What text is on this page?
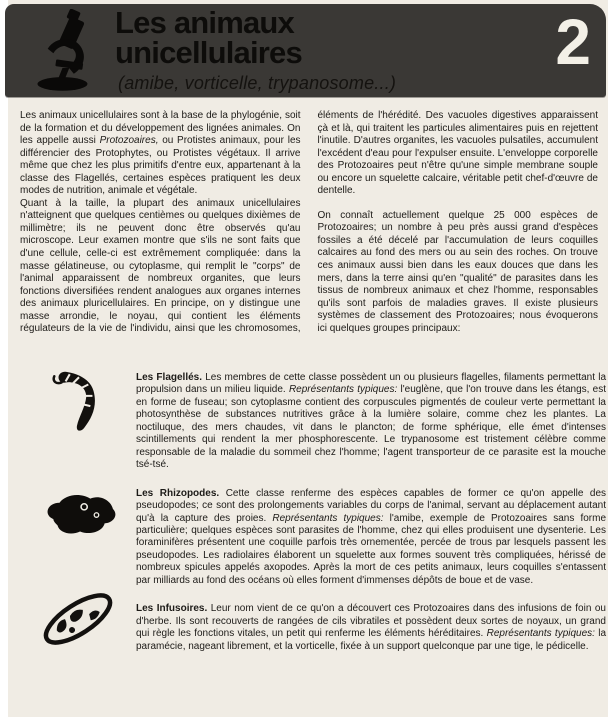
Les animaux
unicellulaires
(amibe, vorticelle, trypanosome...)
2

Les animaux unicellulaires sont à la base de la phylogénie, soit de la formation et du développement des lignées animales. On les appelle aussi Protozoaires, ou Protistes animaux, pour les différencier des Protophytes, ou Protistes végétaux. Il arrive même que chez les plus primitifs d'entre eux, appartenant à la classe des Flagellés, certaines espèces pratiquent les deux modes de nutrition, animale et végétale.

Quant à la taille, la plupart des animaux unicellulaires n'atteignent que quelques centièmes ou quelques dixièmes de millimètre; ils ne peuvent donc être observés qu'au microscope. Leur examen montre que s'ils ne sont faits que d'une cellule, celle-ci est extrêmement compliquée: dans la masse gélatineuse, ou cytoplasme, qui remplit le "corps" de l'animal apparaissent de nombreux organites, que leurs fonctions diversifiées rendent analogues aux organes internes des animaux pluricellulaires. En principe, on y distingue une masse arrondie, le noyau, qui contient les éléments régulateurs de la vie de l'individu, ainsi que les chromosomes, éléments de l'hérédité. Des vacuoles digestives apparaissent çà et là, qui traitent les particules alimentaires puis en rejettent l'inutile. D'autres organites, les vacuoles pulsatiles, accumulent l'excédent d'eau pour l'expulser ensuite. L'enveloppe corporelle des Protozoaires peut n'être qu'une simple membrane souple ou encore un squelette calcaire, véritable petit chef-d'œuvre de dentelle.

On connaît actuellement quelque 25 000 espèces de Protozoaires; un nombre à peu près aussi grand d'espèces fossiles a été décelé par l'accumulation de leurs coquilles calcaires au fond des mers ou au sein des roches. On trouve ces animaux aussi bien dans les eaux douces que dans les mers, dans la terre ainsi qu'en "qualité" de parasites dans les tissus de nombreux animaux et chez l'homme, responsables qu'ils sont parfois de maladies graves. Il existe plusieurs systèmes de classement des Protozoaires; nous évoquerons ici quelques groupes principaux:

Les Flagellés. Les membres de cette classe possèdent un ou plusieurs flagelles, filaments permettant la propulsion dans un milieu liquide. Représentants typiques: l'euglène, que l'on trouve dans les étangs, est en forme de fuseau; son cytoplasme contient des corpuscules pigmentés de couleur verte permettant la photosynthèse de substances nutritives grâce à la lumière solaire, comme chez les plantes. La noctiluque, des mers chaudes, vit dans le plancton; de forme sphérique, elle émet d'intenses scintillements qui rendent la mer phosphorescente. Le trypanosome est tristement célèbre comme responsable de la maladie du sommeil chez l'homme; l'agent transporteur de ce parasite est la mouche tsé-tsé.

Les Rhizopodes. Cette classe renferme des espèces capables de former ce qu'on appelle des pseudopodes; ce sont des prolongements variables du corps de l'animal, servant au déplacement autant qu'à la capture des proies. Représentants typiques: l'amibe, exemple de Protozoaires sans forme particulière; quelques espèces sont parasites de l'homme, chez qui elles produisent une dysenterie. Les foraminifères présentent une coquille parfois très ornementée, percée de trous par lesquels passent les pseudopodes. Les radiolaires élaborent un squelette aux formes souvent très compliquées, hérissé de nombreux spicules appelés axopodes. Après la mort de ces petits animaux, leurs coquilles s'entassent par milliards au fond des océans où elles forment d'immenses dépôts de boue et de vase.

Les Infusoires. Leur nom vient de ce qu'on a découvert ces Protozoaires dans des infusions de foin ou d'herbe. Ils sont recouverts de rangées de cils vibratiles et possèdent deux sortes de noyaux, un grand qui règle les fonctions vitales, un petit qui renferme les éléments héréditaires. Représentants typiques: la paramécie, nageant librement, et la vorticelle, fixée à un support quelconque par une tige, le pédicelle.
